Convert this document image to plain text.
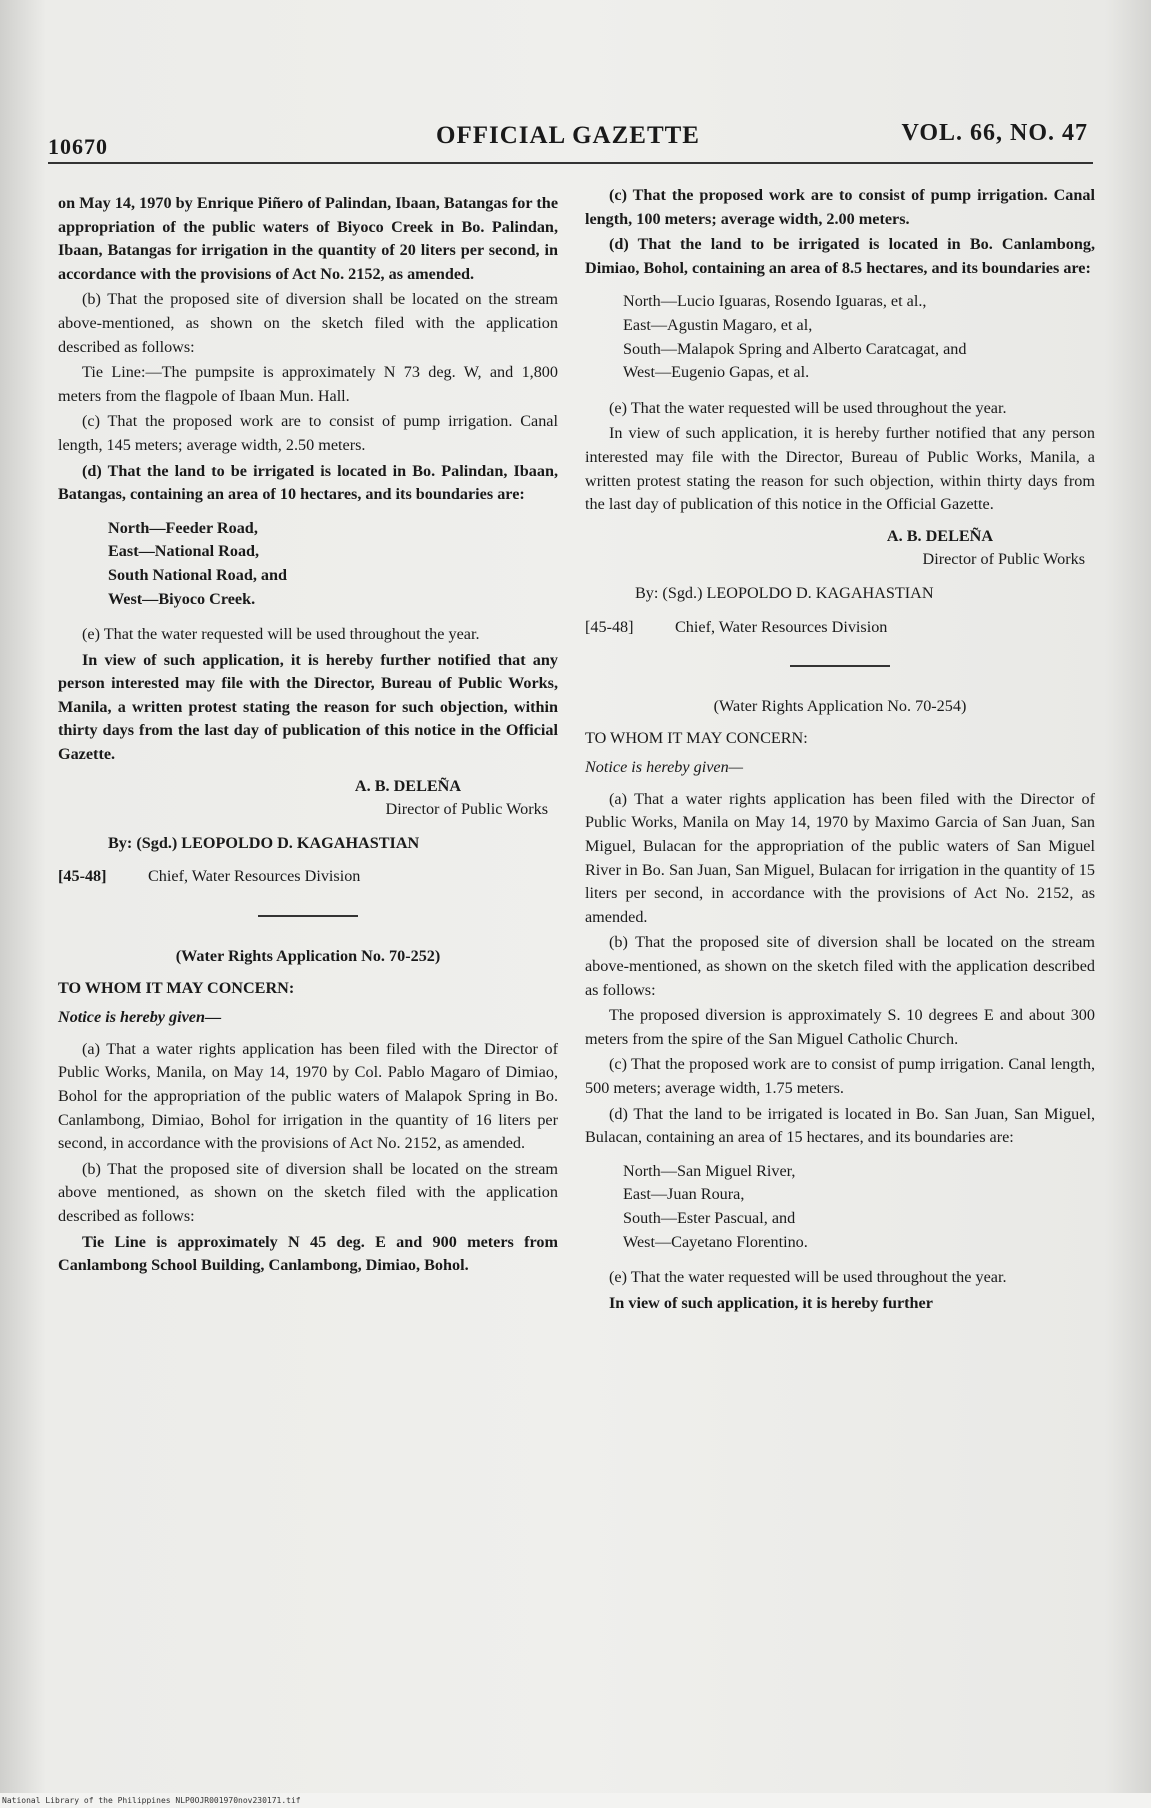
10670	OFFICIAL GAZETTE	VOL. 66, NO. 47

on May 14, 1970 by Enrique Piñero of Palindan, Ibaan, Batangas for the appropriation of the public waters of Biyoco Creek in Bo. Palindan, Ibaan, Batangas for irrigation in the quantity of 20 liters per second, in accordance with the provisions of Act No. 2152, as amended.

(b) That the proposed site of diversion shall be located on the stream above-mentioned, as shown on the sketch filed with the application described as follows:

Tie Line:—The pumpsite is approximately N 73 deg. W, and 1,800 meters from the flagpole of Ibaan Mun. Hall.

(c) That the proposed work are to consist of pump irrigation. Canal length, 145 meters; average width, 2.50 meters.

(d) That the land to be irrigated is located in Bo. Palindan, Ibaan, Batangas, containing an area of 10 hectares, and its boundaries are:

North—Feeder Road,
East—National Road,
South National Road, and
West—Biyoco Creek.

(e) That the water requested will be used throughout the year.

In view of such application, it is hereby further notified that any person interested may file with the Director, Bureau of Public Works, Manila, a written protest stating the reason for such objection, within thirty days from the last day of publication of this notice in the Official Gazette.

A. B. DELEÑA
Director of Public Works
By: (Sgd.) LEOPOLDO D. KAGAHASTIAN
[45-48]	Chief, Water Resources Division
(Water Rights Application No. 70-252)
TO WHOM IT MAY CONCERN:
Notice is hereby given—

(a) That a water rights application has been filed with the Director of Public Works, Manila, on May 14, 1970 by Col. Pablo Magaro of Dimiao, Bohol for the appropriation of the public waters of Malapok Spring in Bo. Canlambong, Dimiao, Bohol for irrigation in the quantity of 16 liters per second, in accordance with the provisions of Act No. 2152, as amended.

(b) That the proposed site of diversion shall be located on the stream above mentioned, as shown on the sketch filed with the application described as follows:

Tie Line is approximately N 45 deg. E and 900 meters from Canlambong School Building, Canlambong, Dimiao, Bohol.

(c) That the proposed work are to consist of pump irrigation. Canal length, 100 meters; average width, 2.00 meters.

(d) That the land to be irrigated is located in Bo. Canlambong, Dimiao, Bohol, containing an area of 8.5 hectares, and its boundaries are:

North—Lucio Iguaras, Rosendo Iguaras, et al.,
East—Agustin Magaro, et al,
South—Malapok Spring and Alberto Caratcagat, and
West—Eugenio Gapas, et al.

(e) That the water requested will be used throughout the year.

In view of such application, it is hereby further notified that any person interested may file with the Director, Bureau of Public Works, Manila, a written protest stating the reason for such objection, within thirty days from the last day of publication of this notice in the Official Gazette.

A. B. DELEÑA
Director of Public Works
By: (Sgd.) LEOPOLDO D. KAGAHASTIAN
[45-48]	Chief, Water Resources Division
(Water Rights Application No. 70-254)
TO WHOM IT MAY CONCERN:
Notice is hereby given—

(a) That a water rights application has been filed with the Director of Public Works, Manila on May 14, 1970 by Maximo Garcia of San Juan, San Miguel, Bulacan for the appropriation of the public waters of San Miguel River in Bo. San Juan, San Miguel, Bulacan for irrigation in the quantity of 15 liters per second, in accordance with the provisions of Act No. 2152, as amended.

(b) That the proposed site of diversion shall be located on the stream above-mentioned, as shown on the sketch filed with the application described as follows:

The proposed diversion is approximately S. 10 degrees E and about 300 meters from the spire of the San Miguel Catholic Church.

(c) That the proposed work are to consist of pump irrigation. Canal length, 500 meters; average width, 1.75 meters.

(d) That the land to be irrigated is located in Bo. San Juan, San Miguel, Bulacan, containing an area of 15 hectares, and its boundaries are:

North—San Miguel River,
East—Juan Roura,
South—Ester Pascual, and
West—Cayetano Florentino.

(e) That the water requested will be used throughout the year.

In view of such application, it is hereby further

National Library of the Philippines NLP0OJR001970nov230171.tif
